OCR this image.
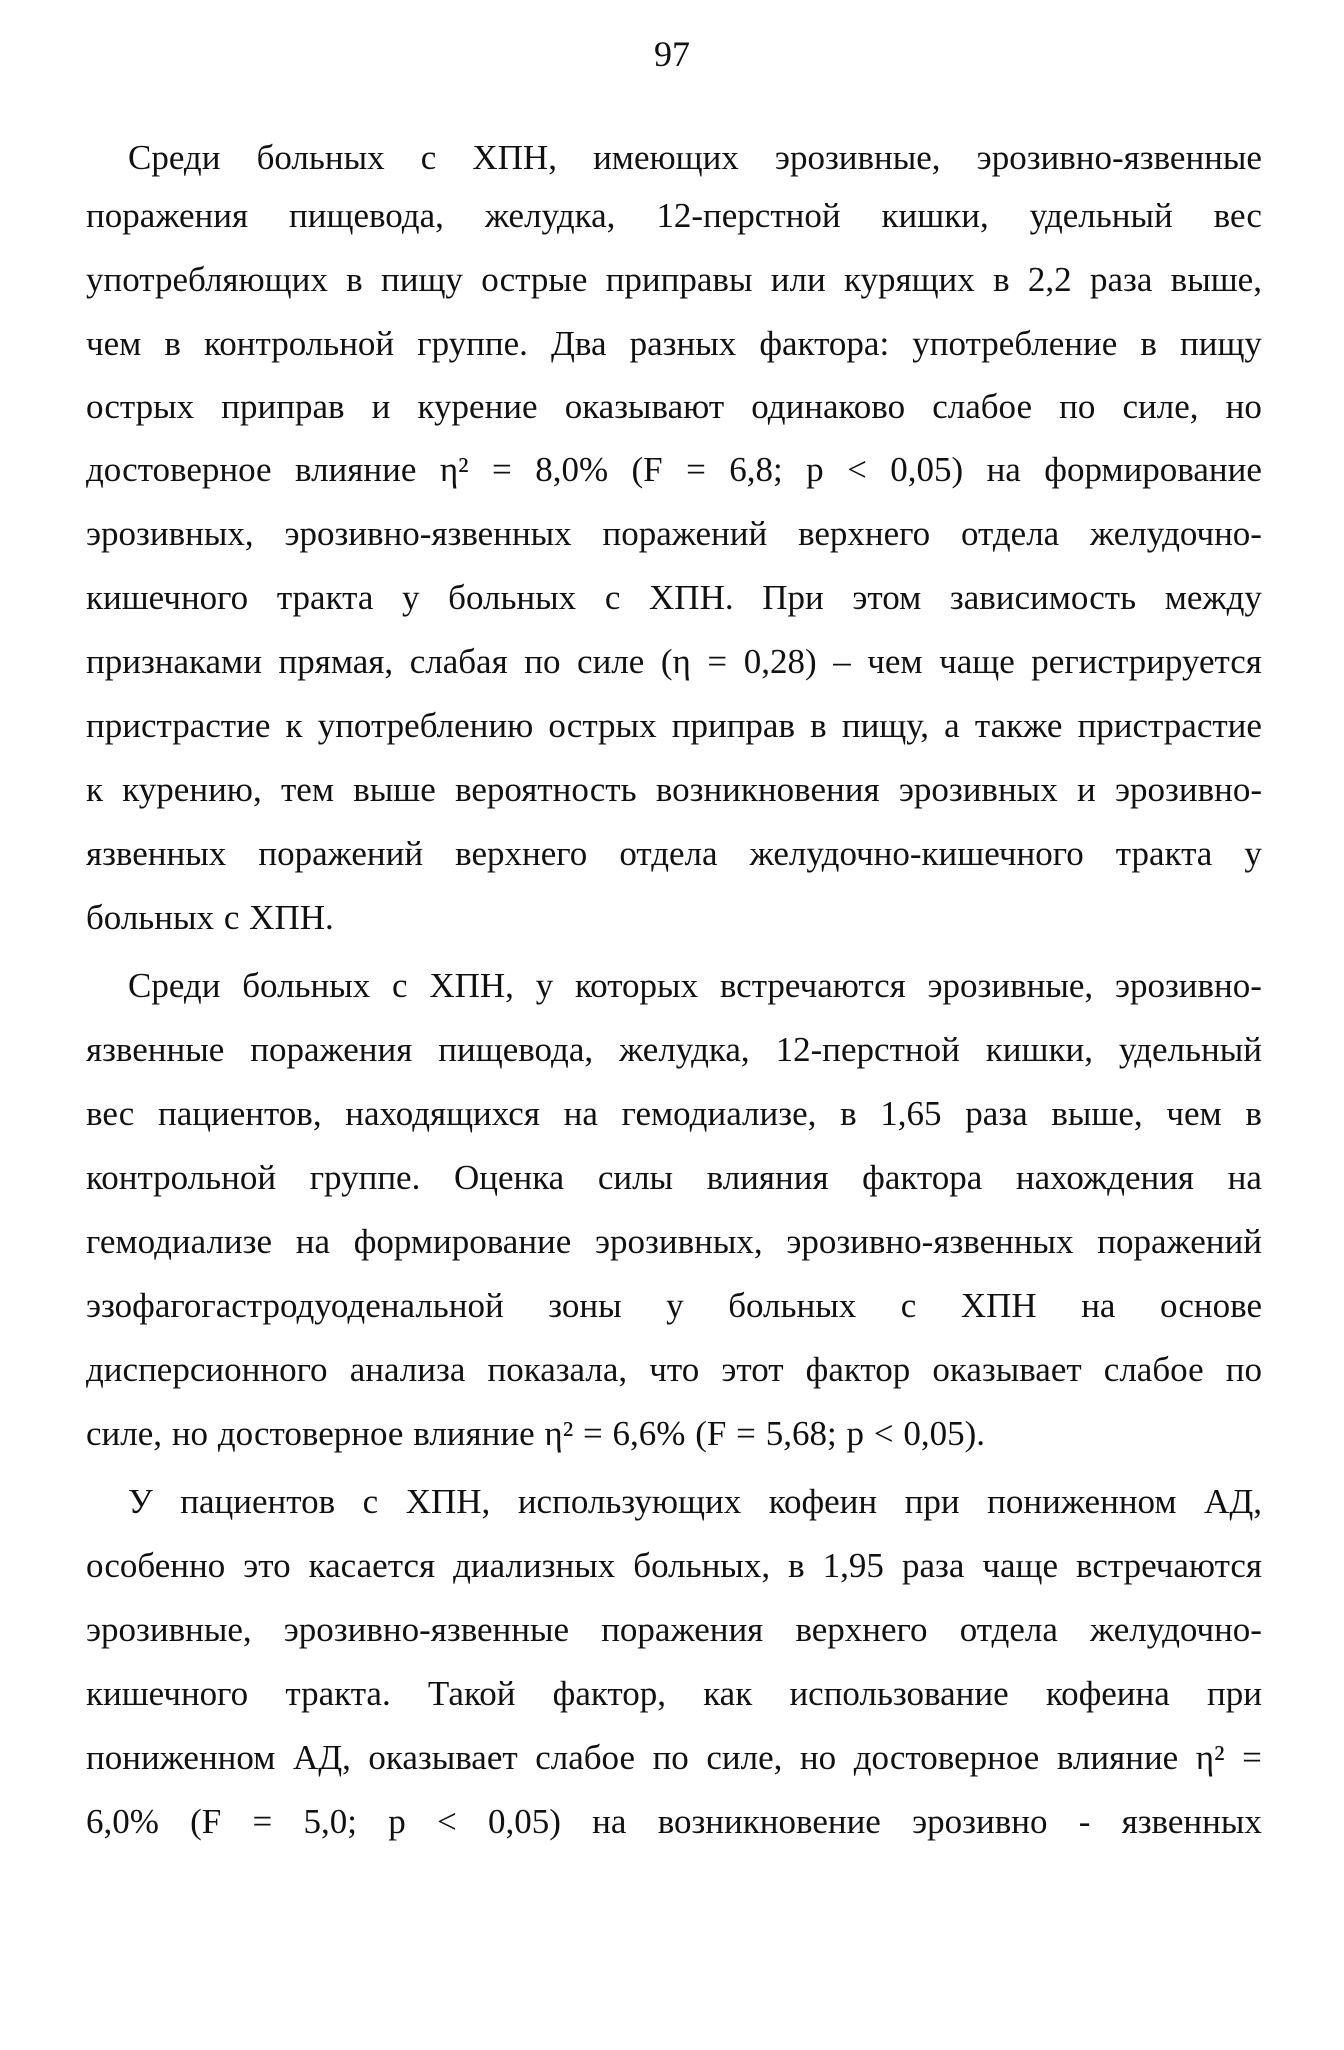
97
Среди больных с ХПН, имеющих эрозивные, эрозивно-язвенные
поражения пищевода, желудка, 12-перстной кишки, удельный вес
употребляющих в пищу острые приправы или курящих в 2,2 раза выше,
чем в контрольной группе. Два разных фактора: употребление в пищу
острых приправ и курение оказывают одинаково слабое по силе, но
достоверное влияние η² = 8,0% (F = 6,8; p < 0,05) на формирование
эрозивных, эрозивно-язвенных поражений верхнего отдела желудочно-
кишечного тракта у больных с ХПН. При этом зависимость между
признаками прямая, слабая по силе (η = 0,28) – чем чаще регистрируется
пристрастие к употреблению острых приправ в пищу, а также пристрастие
к курению, тем выше вероятность возникновения эрозивных и эрозивно-
язвенных поражений верхнего отдела желудочно-кишечного тракта у
больных с ХПН.
Среди больных с ХПН, у которых встречаются эрозивные, эрозивно-
язвенные поражения пищевода, желудка, 12-перстной кишки, удельный
вес пациентов, находящихся на гемодиализе, в 1,65 раза выше, чем в
контрольной группе. Оценка силы влияния фактора нахождения на
гемодиализе на формирование эрозивных, эрозивно-язвенных поражений
эзофагогастродуоденальной зоны у больных с ХПН на основе
дисперсионного анализа показала, что этот фактор оказывает слабое по
силе, но достоверное влияние η² = 6,6% (F = 5,68; p < 0,05).
У пациентов с ХПН, использующих кофеин при пониженном АД,
особенно это касается диализных больных, в 1,95 раза чаще встречаются
эрозивные, эрозивно-язвенные поражения верхнего отдела желудочно-
кишечного тракта. Такой фактор, как использование кофеина при
пониженном АД, оказывает слабое по силе, но достоверное влияние η² =
6,0% (F = 5,0; p < 0,05) на возникновение эрозивно - язвенных
